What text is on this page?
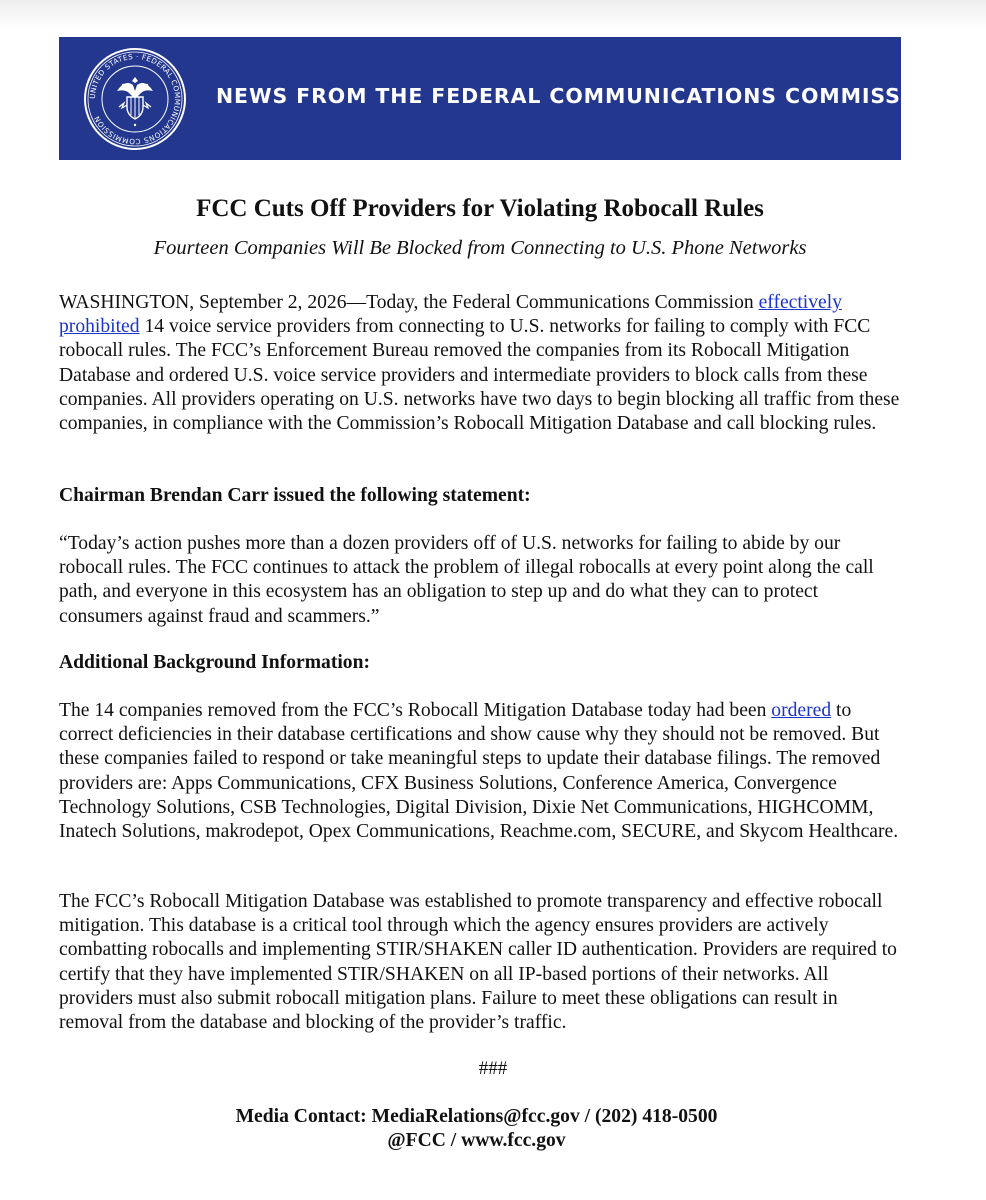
UNITED STATES · FEDERAL COMMUNICATIONS COMMISSION
NEWS FROM THE FEDERAL COMMUNICATIONS COMMISSION
FCC Cuts Off Providers for Violating Robocall Rules
Fourteen Companies Will Be Blocked from Connecting to U.S. Phone Networks

WASHINGTON, September 2, 2026—Today, the Federal Communications Commission effectively prohibited 14 voice service providers from connecting to U.S. networks for failing to comply with FCC robocall rules. The FCC’s Enforcement Bureau removed the companies from its Robocall Mitigation Database and ordered U.S. voice service providers and intermediate providers to block calls from these companies. All providers operating on U.S. networks have two days to begin blocking all traffic from these companies, in compliance with the Commission’s Robocall Mitigation Database and call blocking rules.

Chairman Brendan Carr issued the following statement:

“Today’s action pushes more than a dozen providers off of U.S. networks for failing to abide by our robocall rules. The FCC continues to attack the problem of illegal robocalls at every point along the call path, and everyone in this ecosystem has an obligation to step up and do what they can to protect consumers against fraud and scammers.”

Additional Background Information:

The 14 companies removed from the FCC’s Robocall Mitigation Database today had been ordered to correct deficiencies in their database certifications and show cause why they should not be removed. But these companies failed to respond or take meaningful steps to update their database filings. The removed providers are: Apps Communications, CFX Business Solutions, Conference America, Convergence Technology Solutions, CSB Technologies, Digital Division, Dixie Net Communications, HIGHCOMM, Inatech Solutions, makrodepot, Opex Communications, Reachme.com, SECURE, and Skycom Healthcare.

The FCC’s Robocall Mitigation Database was established to promote transparency and effective robocall mitigation. This database is a critical tool through which the agency ensures providers are actively combatting robocalls and implementing STIR/SHAKEN caller ID authentication. Providers are required to certify that they have implemented STIR/SHAKEN on all IP-based portions of their networks. All providers must also submit robocall mitigation plans. Failure to meet these obligations can result in removal from the database and blocking of the provider’s traffic.

###
Media Contact: MediaRelations@fcc.gov / (202) 418-0500
@FCC / www.fcc.gov
